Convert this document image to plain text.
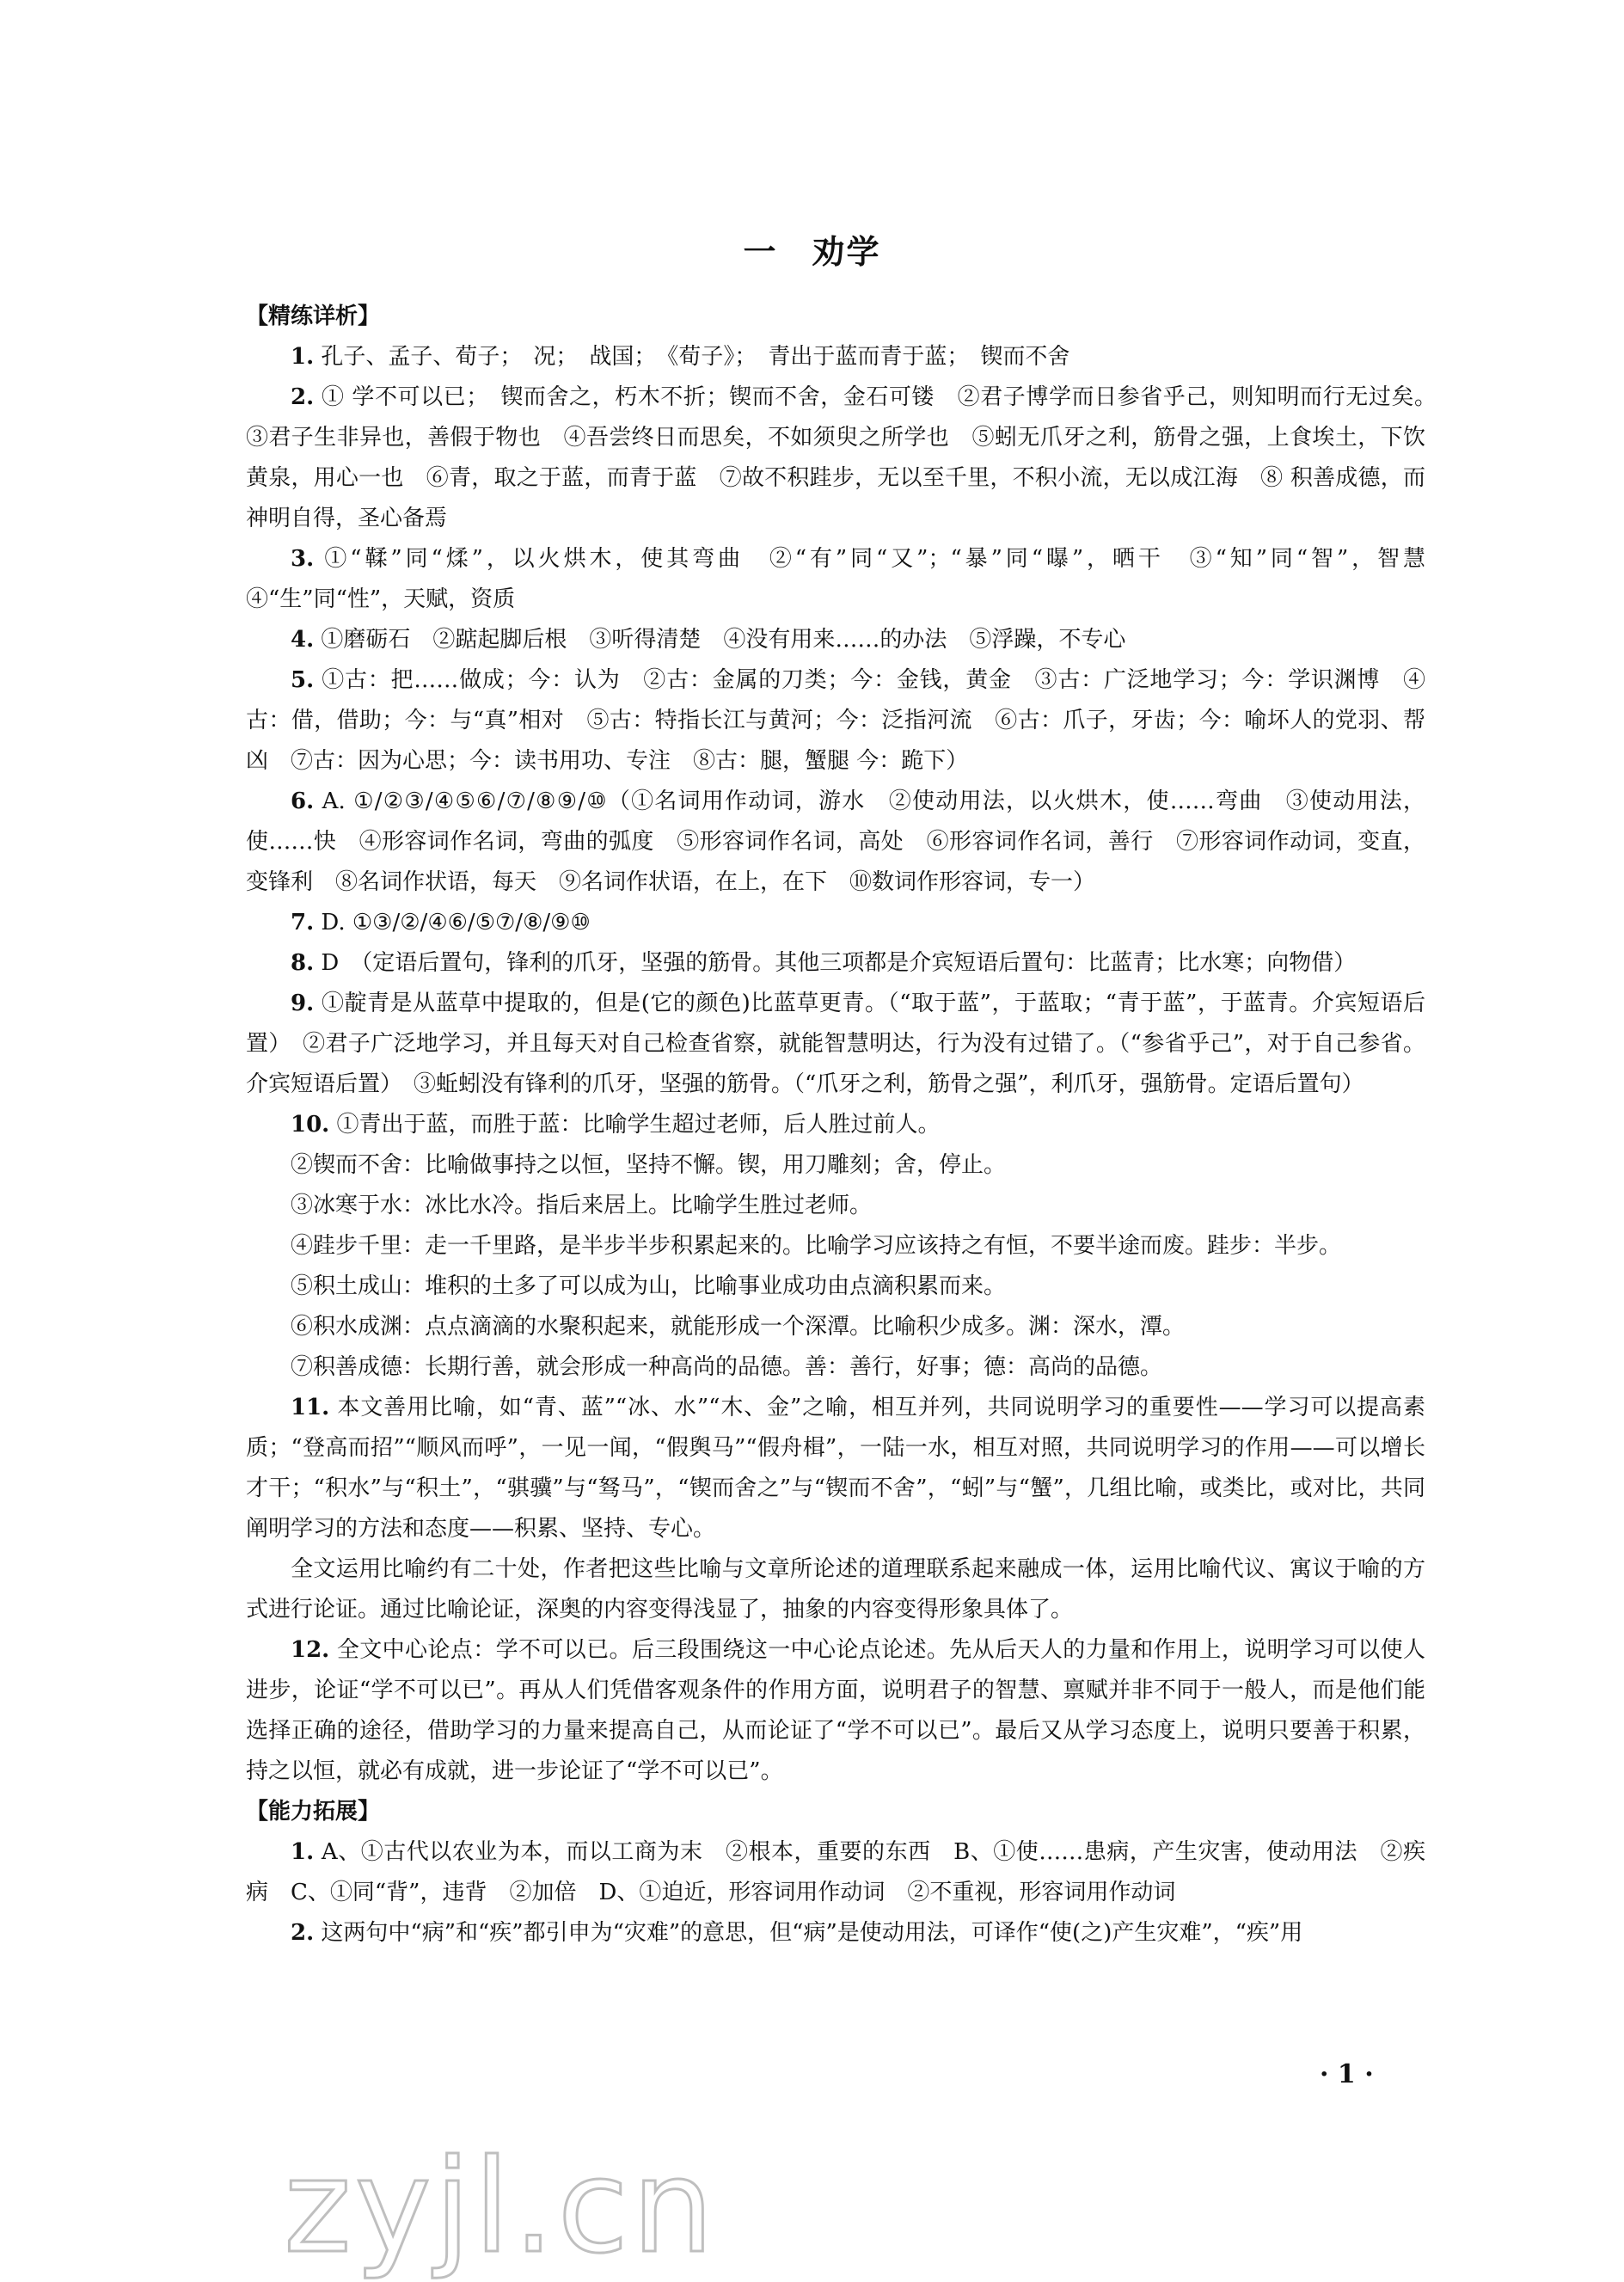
一　劝学

【精练详析】

1. 孔子、孟子、荀子；　况；　战国；　《荀子》；　青出于蓝而青于蓝；　锲而不舍

2. ① 学不可以已；　锲而舍之，朽木不折；锲而不舍，金石可镂　②君子博学而日参省乎己，则知明而行无过矣。　③君子生非异也，善假于物也　④吾尝终日而思矣，不如须臾之所学也　⑤蚓无爪牙之利，筋骨之强，上食埃土，下饮黄泉，用心一也　⑥青，取之于蓝，而青于蓝　⑦故不积跬步，无以至千里，不积小流，无以成江海　⑧ 积善成德，而神明自得，圣心备焉

3. ①“鞣”同“煣”，以火烘木，使其弯曲　②“有”同“又”；“暴”同“曝”，晒干　③“知”同“智”，智慧　④“生”同“性”，天赋，资质

4. ①磨砺石　②踮起脚后根　③听得清楚　④没有用来……的办法　⑤浮躁，不专心

5. ①古：把……做成；今：认为　②古：金属的刀类；今：金钱，黄金　③古：广泛地学习；今：学识渊博　④古：借，借助；今：与“真”相对　⑤古：特指长江与黄河；今：泛指河流　⑥古：爪子，牙齿；今：喻坏人的党羽、帮凶　⑦古：因为心思；今：读书用功、专注　⑧古：腿，蟹腿 今：跪下）

6. A. ①/②③/④⑤⑥/⑦/⑧⑨/⑩（①名词用作动词，游水　②使动用法，以火烘木，使……弯曲　③使动用法，使……快　④形容词作名词，弯曲的弧度　⑤形容词作名词，高处　⑥形容词作名词，善行　⑦形容词作动词，变直，变锋利　⑧名词作状语，每天　⑨名词作状语，在上，在下　⑩数词作形容词，专一）

7. D. ①③/②/④⑥/⑤⑦/⑧/⑨⑩

8. D　（定语后置句，锋利的爪牙，坚强的筋骨。其他三项都是介宾短语后置句：比蓝青；比水寒；向物借）

9. ①靛青是从蓝草中提取的，但是(它的颜色)比蓝草更青。（“取于蓝”，于蓝取；“青于蓝”，于蓝青。介宾短语后置）　②君子广泛地学习，并且每天对自己检查省察，就能智慧明达，行为没有过错了。（“参省乎己”，对于自己参省。介宾短语后置）　③蚯蚓没有锋利的爪牙，坚强的筋骨。（“爪牙之利，筋骨之强”，利爪牙，强筋骨。定语后置句）

10. ①青出于蓝，而胜于蓝：比喻学生超过老师，后人胜过前人。

②锲而不舍：比喻做事持之以恒，坚持不懈。锲，用刀雕刻；舍，停止。

③冰寒于水：冰比水冷。指后来居上。比喻学生胜过老师。

④跬步千里：走一千里路，是半步半步积累起来的。比喻学习应该持之有恒，不要半途而废。跬步：半步。

⑤积土成山：堆积的土多了可以成为山，比喻事业成功由点滴积累而来。

⑥积水成渊：点点滴滴的水聚积起来，就能形成一个深潭。比喻积少成多。渊：深水，潭。

⑦积善成德：长期行善，就会形成一种高尚的品德。善：善行，好事；德：高尚的品德。

11. 本文善用比喻，如“青、蓝”“冰、水”“木、金”之喻，相互并列，共同说明学习的重要性——学习可以提高素质；“登高而招”“顺风而呼”，一见一闻，“假舆马”“假舟楫”，一陆一水，相互对照，共同说明学习的作用——可以增长才干；“积水”与“积土”，“骐骥”与“驽马”，“锲而舍之”与“锲而不舍”，“蚓”与“蟹”，几组比喻，或类比，或对比，共同阐明学习的方法和态度——积累、坚持、专心。

全文运用比喻约有二十处，作者把这些比喻与文章所论述的道理联系起来融成一体，运用比喻代议、寓议于喻的方式进行论证。通过比喻论证，深奥的内容变得浅显了，抽象的内容变得形象具体了。

12. 全文中心论点：学不可以已。后三段围绕这一中心论点论述。先从后天人的力量和作用上，说明学习可以使人进步，论证“学不可以已”。再从人们凭借客观条件的作用方面，说明君子的智慧、禀赋并非不同于一般人，而是他们能选择正确的途径，借助学习的力量来提高自己，从而论证了“学不可以已”。最后又从学习态度上，说明只要善于积累，持之以恒，就必有成就，进一步论证了“学不可以已”。

【能力拓展】

1. A、①古代以农业为本，而以工商为末　②根本，重要的东西　B、①使……患病，产生灾害，使动用法　②疾病　C、①同“背”，违背　②加倍　D、①迫近，形容词用作动词　②不重视，形容词用作动词

2. 这两句中“病”和“疾”都引申为“灾难”的意思，但“病”是使动用法，可译作“使(之)产生灾难”，“疾”用

· 1 ·
zyjl.cn
